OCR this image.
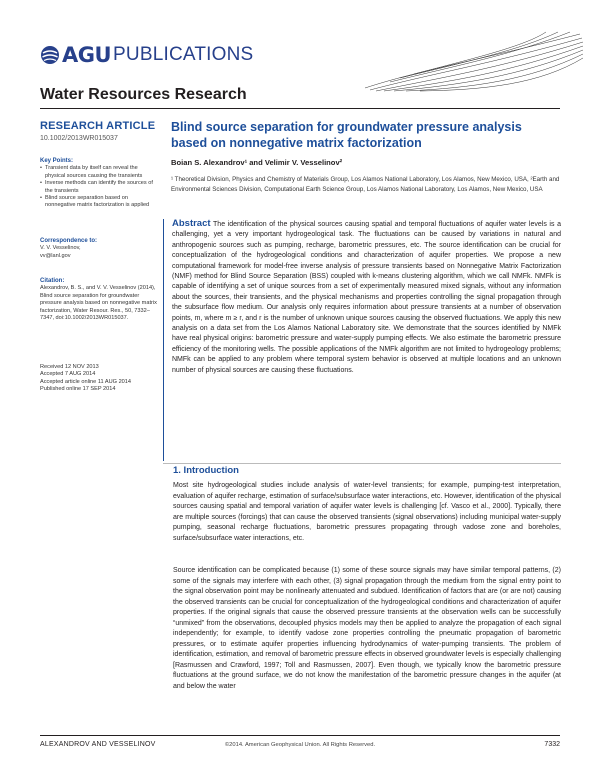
AGU PUBLICATIONS
Water Resources Research
RESEARCH ARTICLE
10.1002/2013WR015037
Key Points:
• Transient data by itself can reveal the physical sources causing the transients
• Inverse methods can identify the sources of the transients
• Blind source separation based on nonnegative matrix factorization is applied
Correspondence to:
V. V. Vesselinov,
vv@lanl.gov
Citation:
Alexandrov, B. S., and V. V. Vesselinov (2014), Blind source separation for groundwater pressure analysis based on nonnegative matrix factorization, Water Resour. Res., 50, 7332–7347, doi:10.1002/2013WR015037.
Received 12 NOV 2013
Accepted 7 AUG 2014
Accepted article online 11 AUG 2014
Published online 17 SEP 2014
Blind source separation for groundwater pressure analysis based on nonnegative matrix factorization
Boian S. Alexandrov¹ and Velimir V. Vesselinov²
¹ Theoretical Division, Physics and Chemistry of Materials Group, Los Alamos National Laboratory, Los Alamos, New Mexico, USA, ²Earth and Environmental Sciences Division, Computational Earth Science Group, Los Alamos National Laboratory, Los Alamos, New Mexico, USA

Abstract The identification of the physical sources causing spatial and temporal fluctuations of aquifer water levels is a challenging, yet a very important hydrogeological task. The fluctuations can be caused by variations in natural and anthropogenic sources such as pumping, recharge, barometric pressures, etc. The source identification can be crucial for conceptualization of the hydrogeological conditions and characterization of aquifer properties. We propose a new computational framework for model-free inverse analysis of pressure transients based on Nonnegative Matrix Factorization (NMF) method for Blind Source Separation (BSS) coupled with k-means clustering algorithm, which we call NMFk. NMFk is capable of identifying a set of unique sources from a set of experimentally measured mixed signals, without any information about the sources, their transients, and the physical mechanisms and properties controlling the signal propagation through the subsurface flow medium. Our analysis only requires information about pressure transients at a number of observation points, m, where m ≥ r, and r is the number of unknown unique sources causing the observed fluctuations. We apply this new analysis on a data set from the Los Alamos National Laboratory site. We demonstrate that the sources identified by NMFk have real physical origins: barometric pressure and water-supply pumping effects. We also estimate the barometric pressure efficiency of the monitoring wells. The possible applications of the NMFk algorithm are not limited to hydrogeology problems; NMFk can be applied to any problem where temporal system behavior is observed at multiple locations and an unknown number of physical sources are causing these fluctuations.

1. Introduction

Most site hydrogeological studies include analysis of water-level transients; for example, pumping-test interpretation, evaluation of aquifer recharge, estimation of surface/subsurface water interactions, etc. However, identification of the physical sources causing spatial and temporal variation of aquifer water levels is challenging [cf. Vasco et al., 2000]. Typically, there are multiple sources (forcings) that can cause the observed transients (signal observations) including municipal water-supply pumping, seasonal recharge fluctuations, barometric pressures propagating through vadose zone and boreholes, surface/subsurface water interactions, etc.

Source identification can be complicated because (1) some of these source signals may have similar temporal patterns, (2) some of the signals may interfere with each other, (3) signal propagation through the medium from the signal entry point to the signal observation point may be nonlinearly attenuated and subdued. Identification of factors that are (or are not) causing the observed transients can be crucial for conceptualization of the hydrogeological conditions and characterization of aquifer properties. If the original signals that cause the observed pressure transients at the observation wells can be successfully “unmixed” from the observations, decoupled physics models may then be applied to analyze the propagation of each signal independently; for example, to identify vadose zone properties controlling the pneumatic propagation of barometric pressures, or to estimate aquifer properties influencing hydrodynamics of water-pumping transients. The problem of identification, estimation, and removal of barometric pressure effects in observed groundwater levels is especially challenging [Rasmussen and Crawford, 1997; Toll and Rasmussen, 2007]. Even though, we typically know the barometric pressure fluctuations at the ground surface, we do not know the manifestation of the barometric pressure changes in the aquifer (at and below the water

ALEXANDROV AND VESSELINOV	©2014. American Geophysical Union. All Rights Reserved.	7332
